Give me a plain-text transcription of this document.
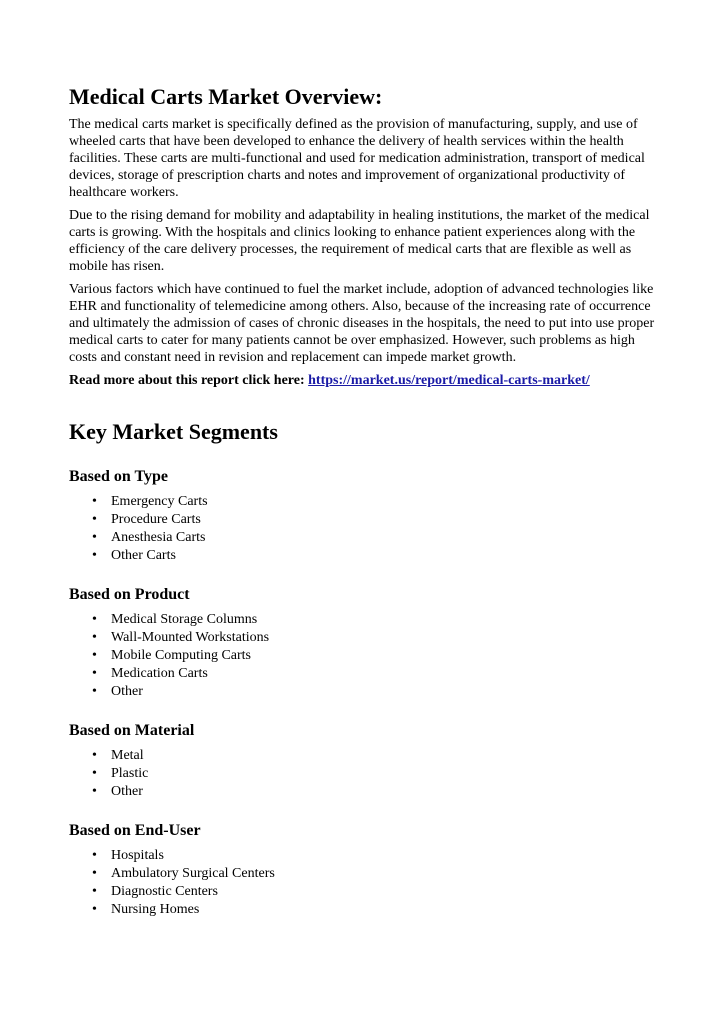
Medical Carts Market Overview:

The medical carts market is specifically defined as the provision of manufacturing, supply, and use of wheeled carts that have been developed to enhance the delivery of health services within the health facilities. These carts are multi-functional and used for medication administration, transport of medical devices, storage of prescription charts and notes and improvement of organizational productivity of healthcare workers.

Due to the rising demand for mobility and adaptability in healing institutions, the market of the medical carts is growing. With the hospitals and clinics looking to enhance patient experiences along with the efficiency of the care delivery processes, the requirement of medical carts that are flexible as well as mobile has risen.

Various factors which have continued to fuel the market include, adoption of advanced technologies like EHR and functionality of telemedicine among others. Also, because of the increasing rate of occurrence and ultimately the admission of cases of chronic diseases in the hospitals, the need to put into use proper medical carts to cater for many patients cannot be over emphasized. However, such problems as high costs and constant need in revision and replacement can impede market growth.

Read more about this report click here: https://market.us/report/medical-carts-market/
Key Market Segments
Based on Type
• Emergency Carts
• Procedure Carts
• Anesthesia Carts
• Other Carts
Based on Product
• Medical Storage Columns
• Wall-Mounted Workstations
• Mobile Computing Carts
• Medication Carts
• Other
Based on Material
• Metal
• Plastic
• Other
Based on End-User
• Hospitals
• Ambulatory Surgical Centers
• Diagnostic Centers
• Nursing Homes
